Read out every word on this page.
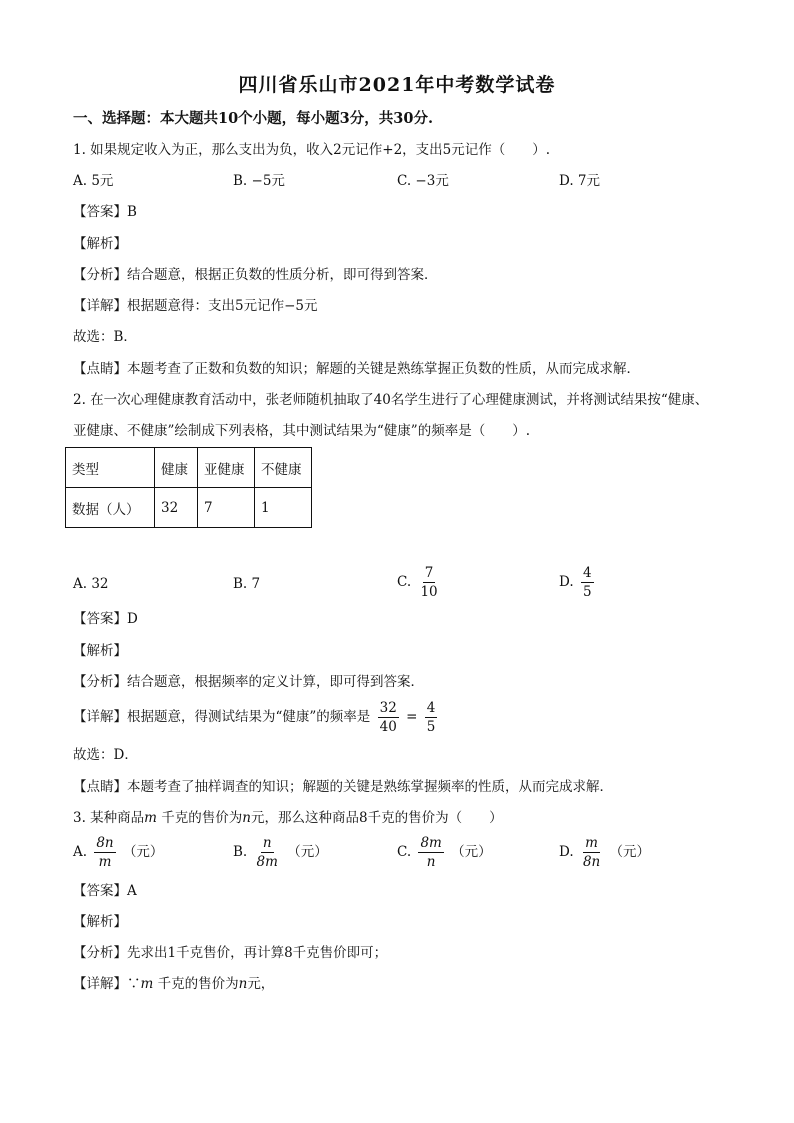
四川省乐山市2021年中考数学试卷
一、选择题：本大题共10个小题，每小题3分，共30分.
1. 如果规定收入为正，那么支出为负，收入2元记作+2，支出5元记作（　　）.
A. 5元	B. −5元	C. −3元	D. 7元
【答案】B
【解析】
【分析】结合题意，根据正负数的性质分析，即可得到答案．
【详解】根据题意得：支出5元记作−5元
故选：B．
【点睛】本题考查了正数和负数的知识；解题的关键是熟练掌握正负数的性质，从而完成求解．
2. 在一次心理健康教育活动中，张老师随机抽取了40名学生进行了心理健康测试，并将测试结果按“健康、
亚健康、不健康”绘制成下列表格，其中测试结果为“健康”的频率是（　　）.
类型	健康	亚健康	不健康
数据（人）	32	7	1
A. 32	B. 7	C. $\frac{7}{10}$	D. $\frac{4}{5}$
【答案】D
【解析】
【分析】结合题意，根据频率的定义计算，即可得到答案．
【详解】根据题意，得测试结果为“健康”的频率是 $\frac{32}{40} = \frac{4}{5}$
故选：D．
【点睛】本题考查了抽样调查的知识；解题的关键是熟练掌握频率的性质，从而完成求解．
3. 某种商品m 千克的售价为n元，那么这种商品8千克的售价为（　　）
A. $\frac{8n}{m}$ （元）	B. $\frac{n}{8m}$ （元）	C. $\frac{8m}{n}$ （元）	D. $\frac{m}{8n}$ （元）
【答案】A
【解析】
【分析】先求出1千克售价，再计算8千克售价即可；
【详解】∵m 千克的售价为n元，
